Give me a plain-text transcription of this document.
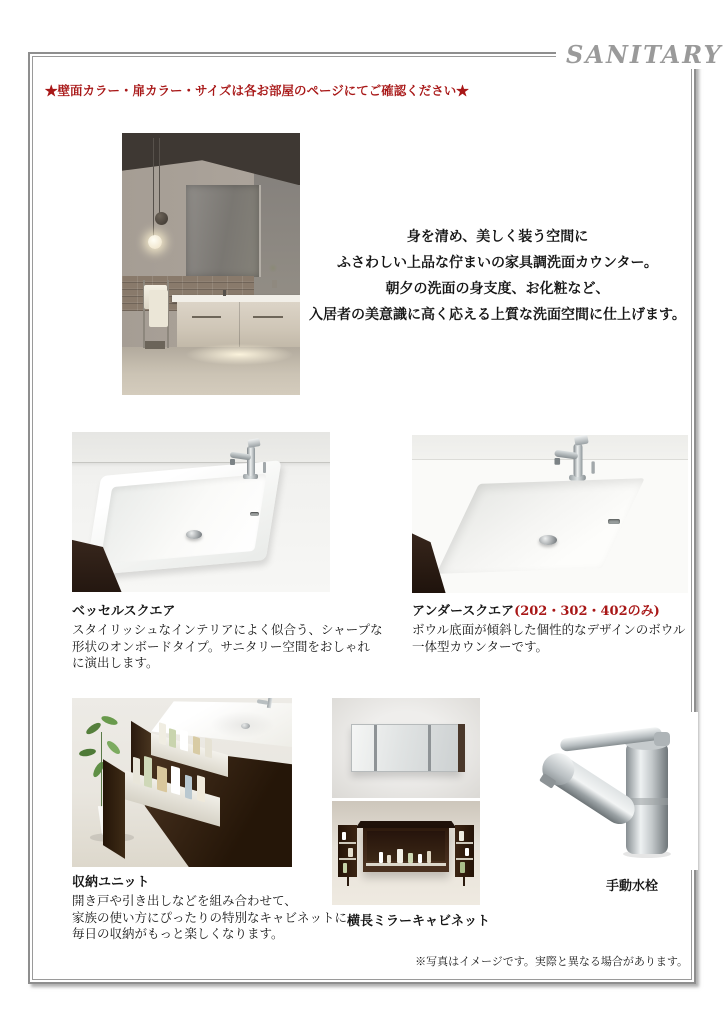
SANITARY
★壁面カラー・扉カラー・サイズは各お部屋のページにてご確認ください★
身を清め、美しく装う空間に
ふさわしい上品な佇まいの家具調洗面カウンター。
朝夕の洗面の身支度、お化粧など、
入居者の美意識に高く応える上質な洗面空間に仕上げます。
ベッセルスクエア
スタイリッシュなインテリアによく似合う、シャープな
形状のオンボードタイプ。サニタリー空間をおしゃれ
に演出します。
アンダースクエア(202・302・402のみ)
ボウル底面が傾斜した個性的なデザインのボウル
一体型カウンターです。
収納ユニット
開き戸や引き出しなどを組み合わせて、
家族の使い方にぴったりの特別なキャビネットに。
毎日の収納がもっと楽しくなります。
横長ミラーキャビネット
手動水栓
※写真はイメージです。実際と異なる場合があります。
